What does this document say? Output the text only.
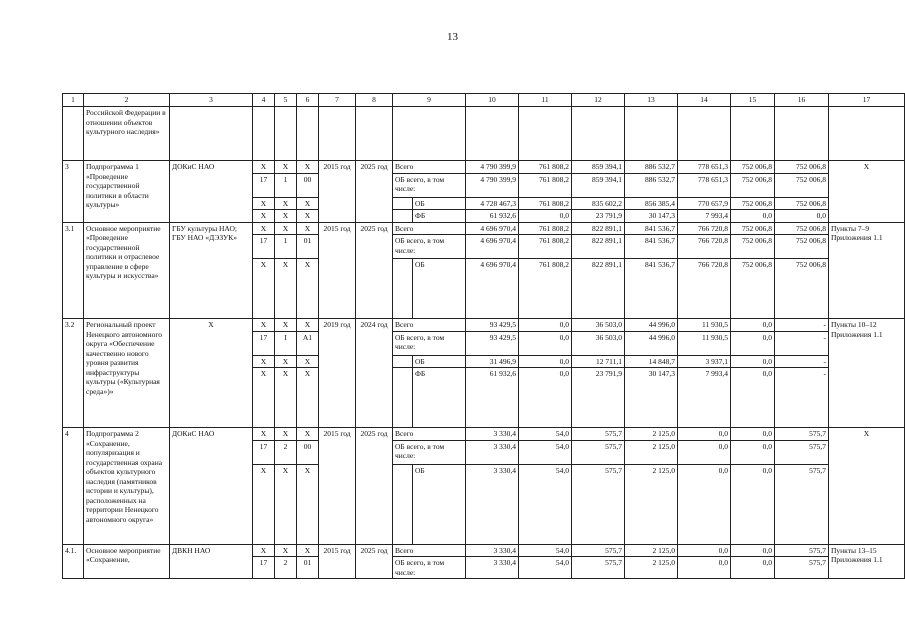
13
1	2	3	4	5	6	7	8	9		10	11	12	13	14	15	16	17
	Российской Федерации в отношении объектов культурного наследия»																
3	Подпрограмма 1 «Проведение государственной политики в области культуры»	ДОКиС НАО	X	X	X	2015 год	2025 год	Всего		4 790 399,9	761 808,2	859 394,1	886 532,7	778 651,3	752 006,8	752 006,8	X
			17	1	00			ОБ всего, в том числе:		4 790 399,9	761 808,2	859 394,1	886 532,7	778 651,3	752 006,8	752 006,8	
			X	X	X				ОБ	4 728 467,3	761 808,2	835 602,2	856 385,4	770 657,9	752 006,8	752 006,8	
			X	X	X				ФБ	61 932,6	0,0	23 791,9	30 147,3	7 993,4	0,0	0,0	
3.1	Основное мероприятие «Проведение государственной политики и отраслевое управление в сфере культуры и искусства»	ГБУ культуры НАО; ГБУ НАО «ДЭЗУК»	X	X	X	2015 год	2025 год	Всего		4 696 970,4	761 808,2	822 891,1	841 536,7	766 720,8	752 006,8	752 006,8	Пункты 7–9 Приложения 1.1
			17	1	01			ОБ всего, в том числе:		4 696 970,4	761 808,2	822 891,1	841 536,7	766 720,8	752 006,8	752 006,8	
			X	X	X				ОБ	4 696 970,4	761 808,2	822 891,1	841 536,7	766 720,8	752 006,8	752 006,8	
3.2	Региональный проект Ненецкого автономного округа «Обеспечение качественно нового уровня развития инфраструктуры культуры («Культурная среда»)»	X	X	X	X	2019 год	2024 год	Всего		93 429,5	0,0	36 503,0	44 996,0	11 930,5	0,0	-	Пункты 10–12 Приложения 1.1
			17	I	A1			ОБ всего, в том числе:		93 429,5	0,0	36 503,0	44 996,0	11 930,5	0,0	-	
			X	X	X				ОБ	31 496,9	0,0	12 711,1	14 848,7	3 937,1	0,0	-	
			X	X	X				ФБ	61 932,6	0,0	23 791,9	30 147,3	7 993,4	0,0	-	
4	Подпрограмма 2 «Сохранение, популяризация и государственная охрана объектов культурного наследия (памятников истории и культуры), расположенных на территории Ненецкого автономного округа»	ДОКиС НАО	X	X	X	2015 год	2025 год	Всего		3 330,4	54,0	575,7	2 125,0	0,0	0,0	575,7	X
			17	2	00			ОБ всего, в том числе:		3 330,4	54,0	575,7	2 125,0	0,0	0,0	575,7	
			X	X	X				ОБ	3 330,4	54,0	575,7	2 125,0	0,0	0,0	575,7	
4.1.	Основное мероприятие «Сохранение,	ДВКН НАО	X	X	X	2015 год	2025 год	Всего		3 330,4	54,0	575,7	2 125,0	0,0	0,0	575,7	Пункты 13–15 Приложения 1.1
			17	2	01			ОБ всего, в том числе:		3 330,4	54,0	575,7	2 125,0	0,0	0,0	575,7	
